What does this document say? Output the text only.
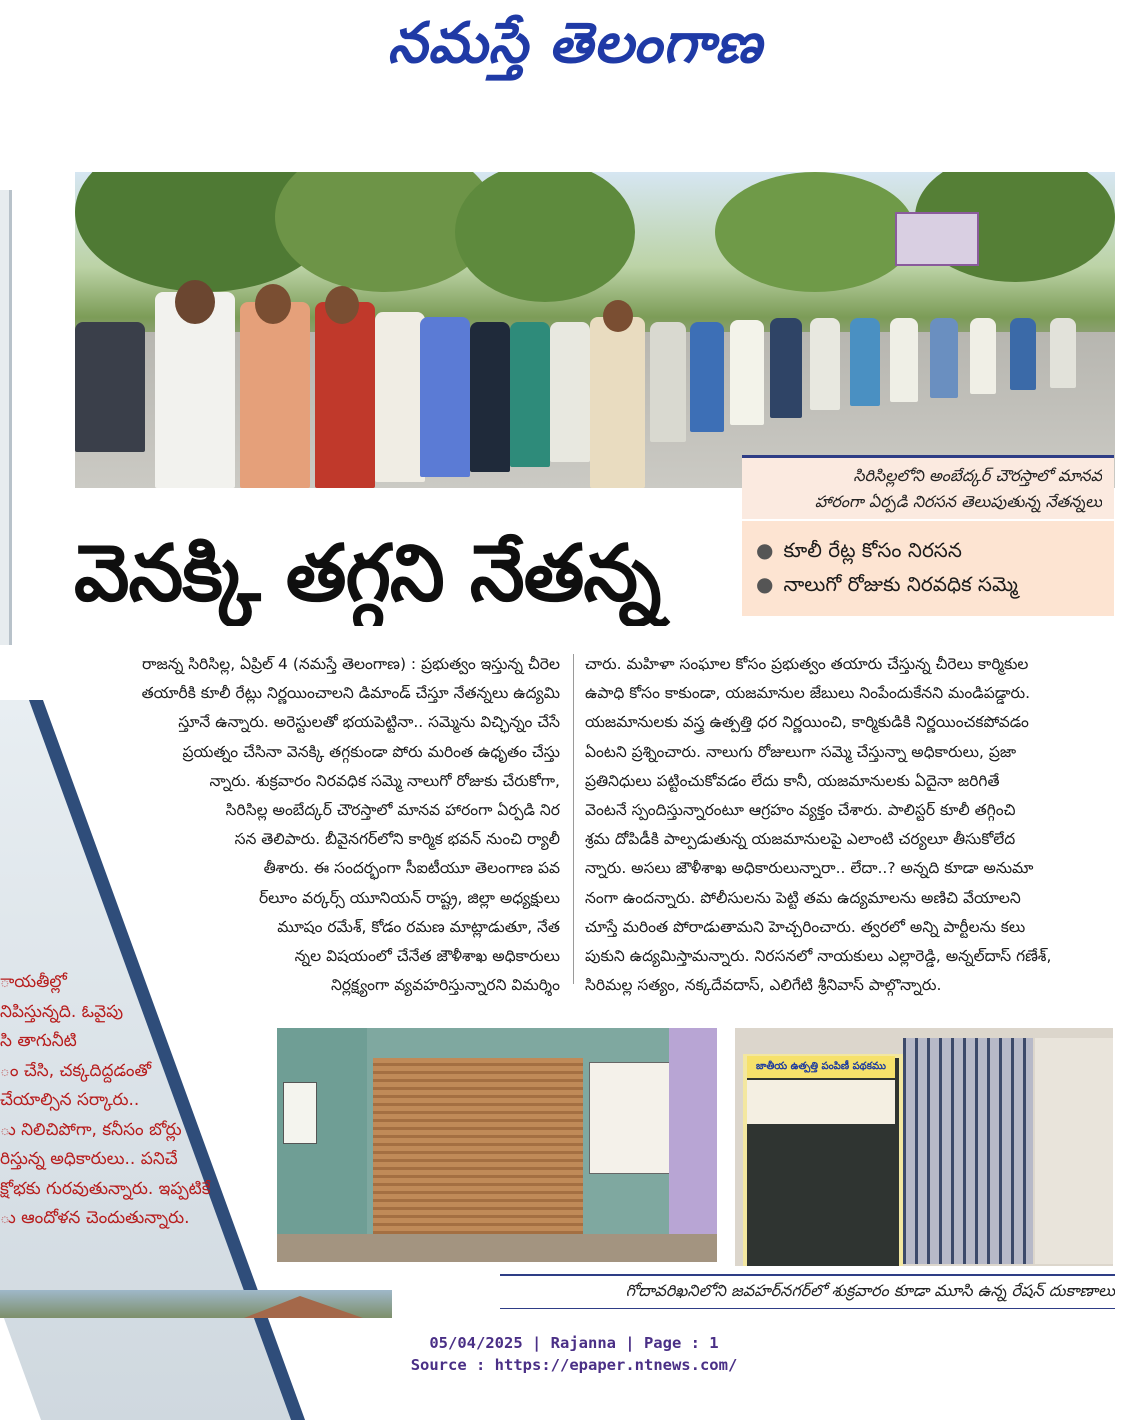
నమస్తే తెలంగాణ
ాయతీల్లో
నిపిస్తున్నది. ఓవైపు
సి తాగునీటి
ం చేసి, చక్కదిద్దడంతో
చేయాల్సిన సర్కారు..
ు నిలిచిపోగా, కనీసం బోర్లు
రిస్తున్న అధికారులు.. పనిచే
క్షోభకు గురవుతున్నారు. ఇప్పటికే
ు ఆందోళన చెందుతున్నారు.
సిరిసిల్లలోని అంబేద్కర్ చౌరస్తాలో మానవ
హారంగా ఏర్పడి నిరసన తెలుపుతున్న నేతన్నలు
వెనక్కి తగ్గని నేతన్న	● కూలీ రేట్ల కోసం నిరసన
● నాలుగో రోజుకు నిరవధిక సమ్మె
రాజన్న సిరిసిల్ల, ఏప్రిల్ 4 (నమస్తే తెలంగాణ) : ప్రభుత్వం ఇస్తున్న చీరెల
తయారీకి కూలీ రేట్లు నిర్ణయించాలని డిమాండ్ చేస్తూ నేతన్నలు ఉద్యమి
స్తూనే ఉన్నారు. అరెస్టులతో భయపెట్టినా.. సమ్మెను విచ్ఛిన్నం చేసే
ప్రయత్నం చేసినా వెనక్కి తగ్గకుండా పోరు మరింత ఉధృతం చేస్తు
న్నారు. శుక్రవారం నిరవధిక సమ్మె నాలుగో రోజుకు చేరుకోగా,
సిరిసిల్ల అంబేద్కర్ చౌరస్తాలో మానవ హారంగా ఏర్పడి నిర
సన తెలిపారు. బీవైనగర్‌లోని కార్మిక భవన్ నుంచి ర్యాలీ
తీశారు. ఈ సందర్భంగా సీఐటీయూ తెలంగాణ పవ
ర్‌లూం వర్కర్స్ యూనియన్ రాష్ట్ర, జిల్లా అధ్యక్షులు
మూషం రమేశ్, కోడం రమణ మాట్లాడుతూ, నేత
న్నల విషయంలో చేనేత జౌళీశాఖ అధికారులు
నిర్లక్ష్యంగా వ్యవహరిస్తున్నారని విమర్శిం
చారు. మహిళా సంఘాల కోసం ప్రభుత్వం తయారు చేస్తున్న చీరెలు కార్మికుల
ఉపాధి కోసం కాకుండా, యజమానుల జేబులు నింపేందుకేనని మండిపడ్డారు.
యజమానులకు వస్త్ర ఉత్పత్తి ధర నిర్ణయించి, కార్మికుడికి నిర్ణయించకపోవడం
ఏంటని ప్రశ్నించారు. నాలుగు రోజులుగా సమ్మె చేస్తున్నా అధికారులు, ప్రజా
ప్రతినిధులు పట్టించుకోవడం లేదు కానీ, యజమానులకు ఏదైనా జరిగితే
వెంటనే స్పందిస్తున్నారంటూ ఆగ్రహం వ్యక్తం చేశారు. పాలిస్టర్ కూలీ తగ్గించి
శ్రమ దోపిడీకి పాల్పడుతున్న యజమానులపై ఎలాంటి చర్యలూ తీసుకోలేద
న్నారు. అసలు జౌళీశాఖ అధికారులున్నారా.. లేదా..? అన్నది కూడా అనుమా
నంగా ఉందన్నారు. పోలీసులను పెట్టి తమ ఉద్యమాలను అణిచి వేయాలని
చూస్తే మరింత పోరాడుతామని హెచ్చరించారు. త్వరలో అన్ని పార్టీలను కలు
పుకుని ఉద్యమిస్తామన్నారు. నిరసనలో నాయకులు ఎల్లారెడ్డి, అన్నల్‌దాస్ గణేశ్,
సిరిమల్ల సత్యం, నక్కదేవదాస్, ఎలిగేటి శ్రీనివాస్ పాల్గొన్నారు.
జాతీయ ఉత్పత్తి పంపిణీ పథకము
గోదావరిఖనిలోని జవహర్‌నగర్‌లో శుక్రవారం కూడా మూసి ఉన్న రేషన్ దుకాణాలు
05/04/2025 | Rajanna | Page : 1
Source : https://epaper.ntnews.com/
